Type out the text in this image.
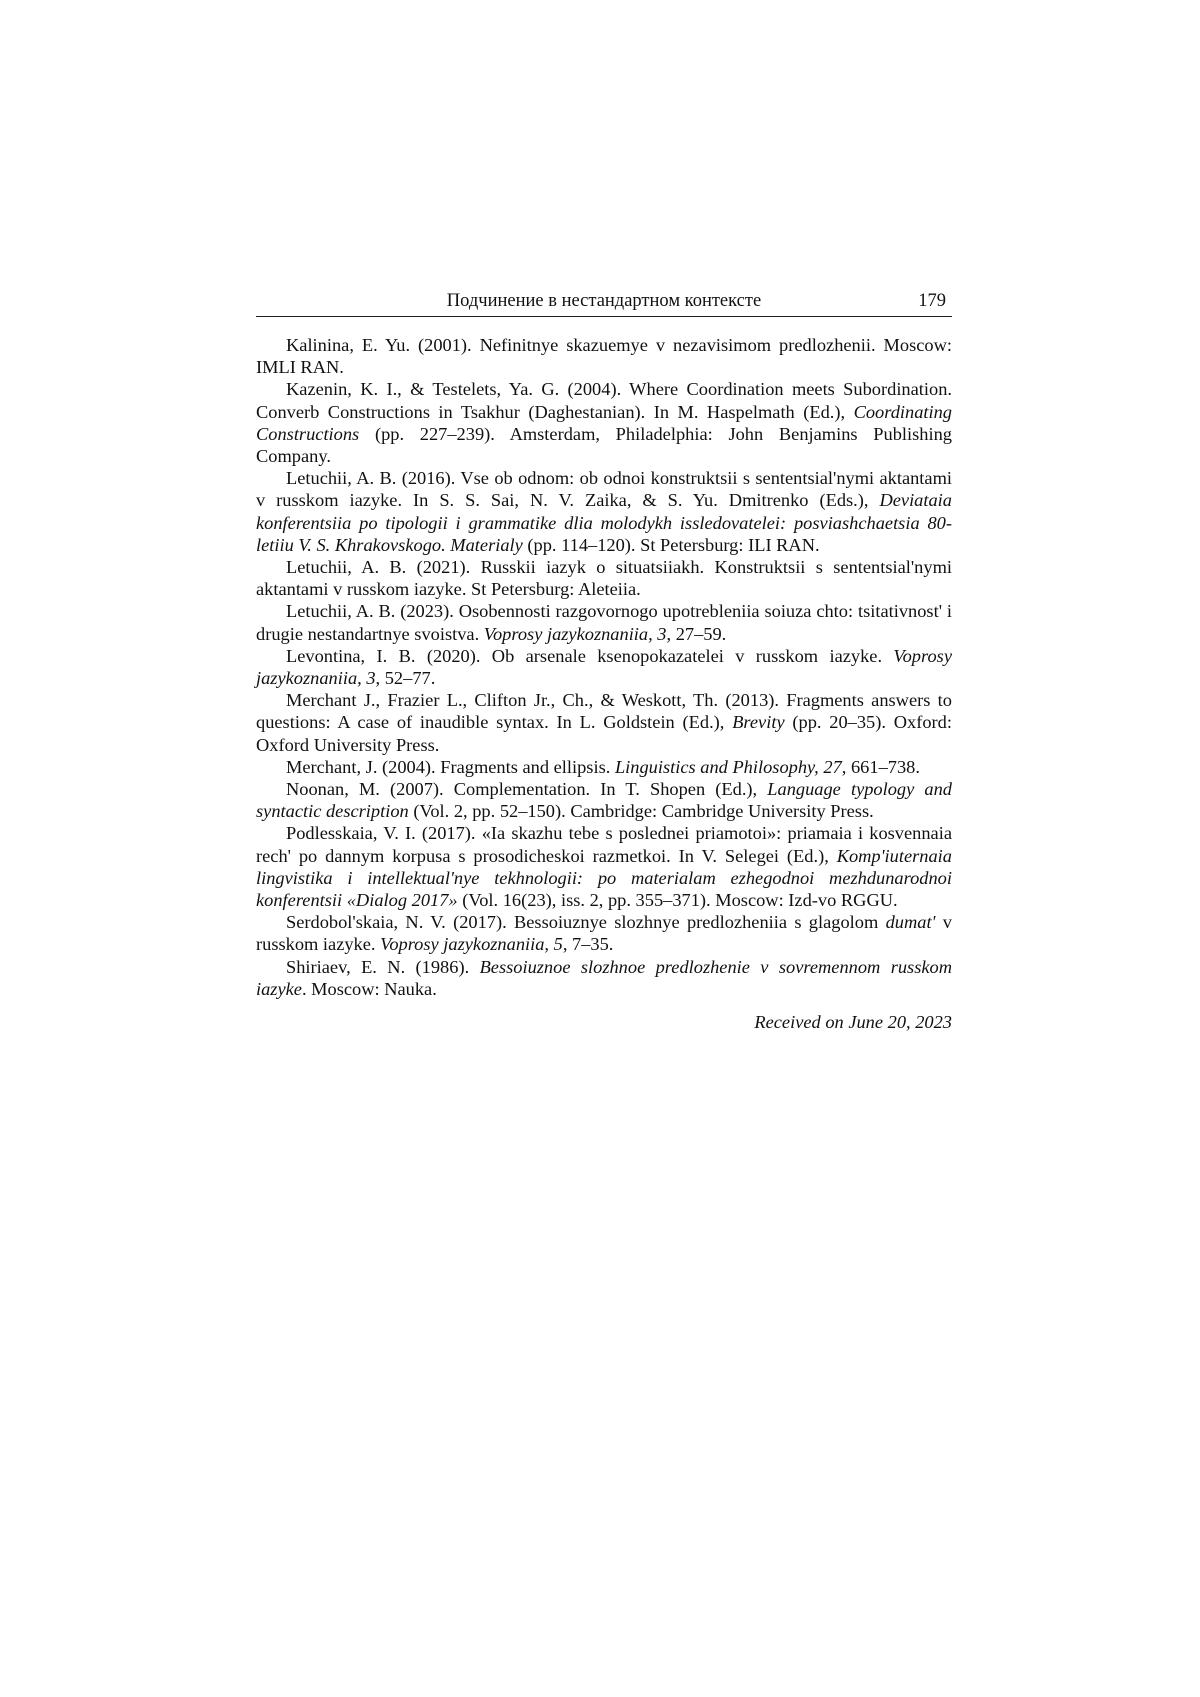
Подчинение в нестандартном контексте	179

Kalinina, E. Yu. (2001). Nefinitnye skazuemye v nezavisimom predlozhenii. Moscow: IMLI RAN.

Kazenin, K. I., & Testelets, Ya. G. (2004). Where Coordination meets Subordination. Converb Constructions in Tsakhur (Daghestanian). In M. Haspelmath (Ed.), Coordinating Constructions (pp. 227–239). Amsterdam, Philadelphia: John Benjamins Publishing Company.

Letuchii, A. B. (2016). Vse ob odnom: ob odnoi konstruktsii s sententsial'nymi aktantami v russkom iazyke. In S. S. Sai, N. V. Zaika, & S. Yu. Dmitrenko (Eds.), Deviataia konferentsiia po tipologii i grammatike dlia molodykh issledovatelei: posviashchaetsia 80-letiiu V. S. Khrakovskogo. Materialy (pp. 114–120). St Petersburg: ILI RAN.

Letuchii, A. B. (2021). Russkii iazyk o situatsiiakh. Konstruktsii s sententsial'nymi aktantami v russkom iazyke. St Petersburg: Aleteiia.

Letuchii, A. B. (2023). Osobennosti razgovornogo upotrebleniia soiuza chto: tsitativnost' i drugie nestandartnye svoistva. Voprosy jazykoznaniia, 3, 27–59.

Levontina, I. B. (2020). Ob arsenale ksenopokazatelei v russkom iazyke. Voprosy jazykoznaniia, 3, 52–77.

Merchant J., Frazier L., Clifton Jr., Ch., & Weskott, Th. (2013). Fragments answers to questions: A case of inaudible syntax. In L. Goldstein (Ed.), Brevity (pp. 20–35). Oxford: Oxford University Press.

Merchant, J. (2004). Fragments and ellipsis. Linguistics and Philosophy, 27, 661–738.

Noonan, M. (2007). Complementation. In T. Shopen (Ed.), Language typology and syntactic description (Vol. 2, pp. 52–150). Cambridge: Cambridge University Press.

Podlesskaia, V. I. (2017). «Ia skazhu tebe s poslednei priamotoi»: priamaia i kosvennaia rech' po dannym korpusa s prosodicheskoi razmetkoi. In V. Selegei (Ed.), Komp'iuternaia lingvistika i intellektual'nye tekhnologii: po materialam ezhegodnoi mezhdunarodnoi konferentsii «Dialog 2017» (Vol. 16(23), iss. 2, pp. 355–371). Moscow: Izd-vo RGGU.

Serdobol'skaia, N. V. (2017). Bessoiuznye slozhnye predlozheniia s glagolom dumat' v russkom iazyke. Voprosy jazykoznaniia, 5, 7–35.

Shiriaev, E. N. (1986). Bessoiuznoe slozhnoe predlozhenie v sovremennom russkom iazyke. Moscow: Nauka.

Received on June 20, 2023
